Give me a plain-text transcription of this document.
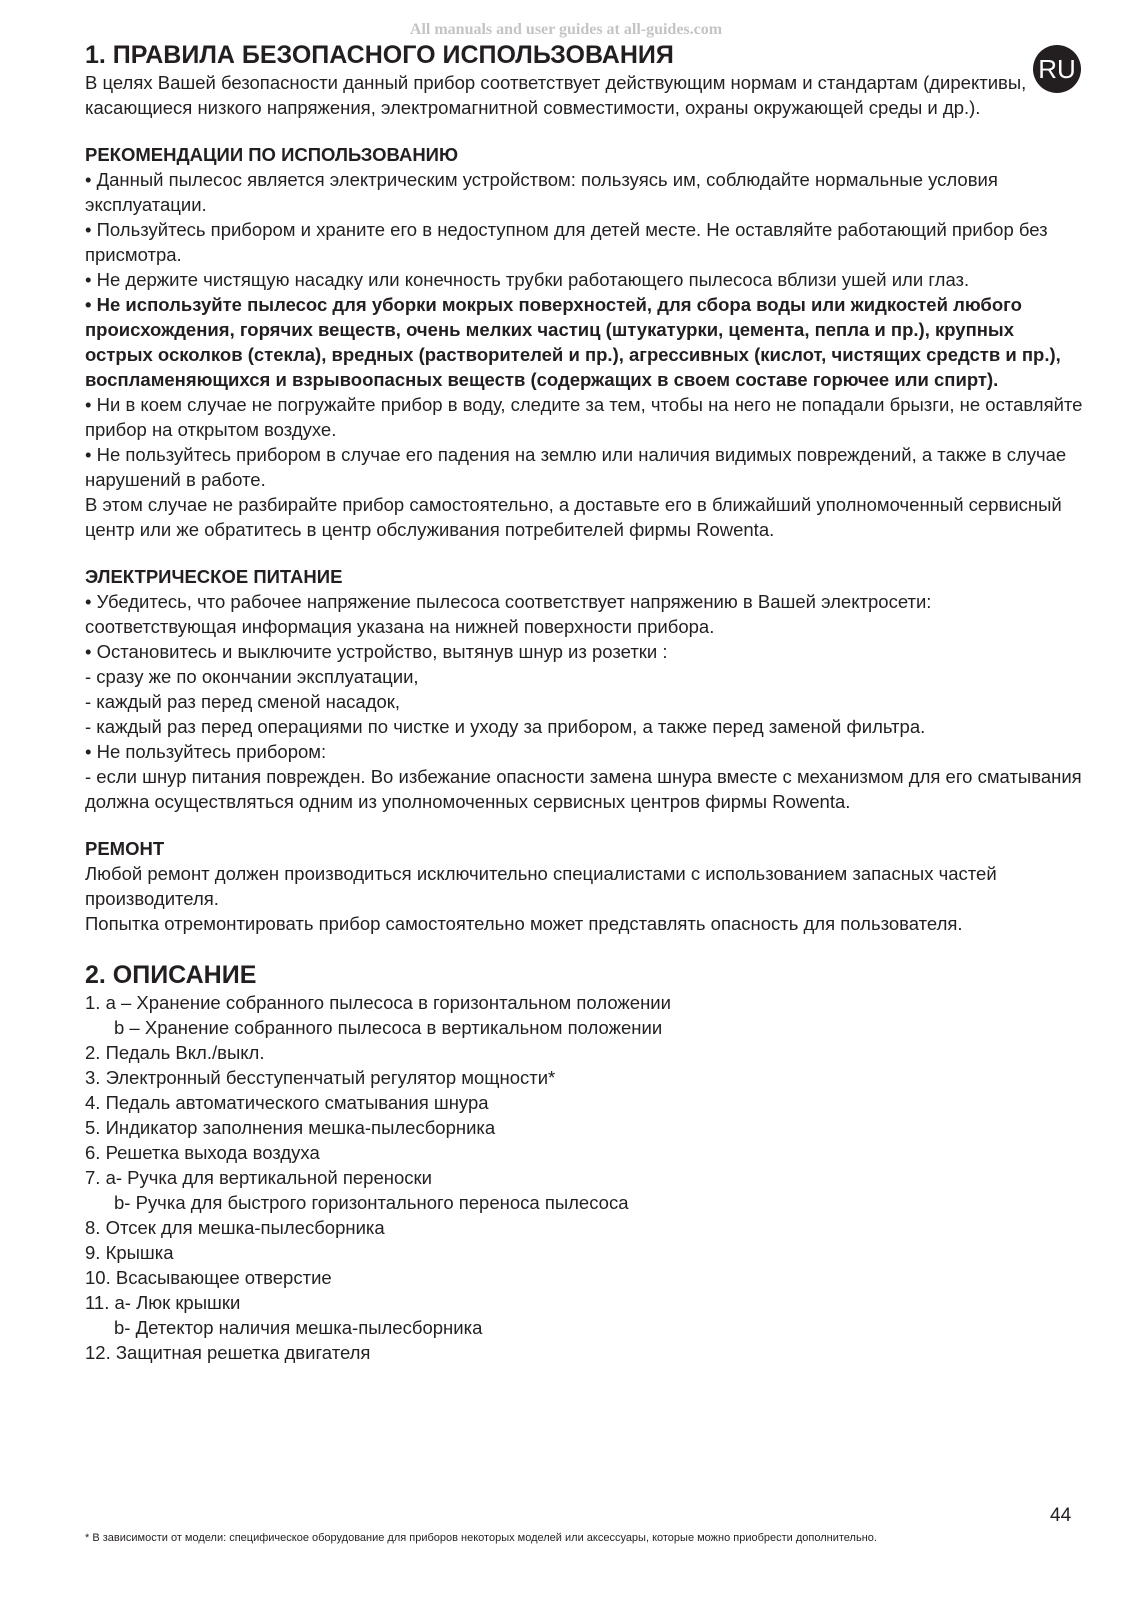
All manuals and user guides at all-guides.com
RU
1. ПРАВИЛА БЕЗОПАСНОГО ИСПОЛЬЗОВАНИЯ

В целях Вашей безопасности данный прибор соответствует действующим нормам и стандартам (директивы, касающиеся низкого напряжения, электромагнитной совместимости, охраны окружающей среды и др.).

РЕКОМЕНДАЦИИ ПО ИСПОЛЬЗОВАНИЮ

• Данный пылесос является электрическим устройством: пользуясь им, соблюдайте нормальные условия эксплуатации.

• Пользуйтесь прибором и храните его в недоступном для детей месте. Не оставляйте работающий прибор без присмотра.

• Не держите чистящую насадку или конечность трубки работающего пылесоса вблизи ушей или глаз.

• Не используйте пылесос для уборки мокрых поверхностей, для сбора воды или жидкостей любого происхождения, горячих веществ, очень мелких частиц (штукатурки, цемента, пепла и пр.), крупных острых осколков (стекла), вредных (растворителей и пр.), агрессивных (кислот, чистящих средств и пр.), воспламеняющихся и взрывоопасных веществ (содержащих в своем составе горючее или спирт).

• Ни в коем случае не погружайте прибор в воду, следите за тем, чтобы на него не попадали брызги, не оставляйте прибор на открытом воздухе.

• Не пользуйтесь прибором в случае его падения на землю или наличия видимых повреждений, а также в случае нарушений в работе.

В этом случае не разбирайте прибор самостоятельно, а доставьте его в ближайший уполномоченный сервисный центр или же обратитесь в центр обслуживания потребителей фирмы Rowenta.

ЭЛЕКТРИЧЕСКОЕ ПИТАНИЕ

• Убедитесь, что рабочее напряжение пылесоса соответствует напряжению в Вашей электросети: соответствующая информация указана на нижней поверхности прибора.

• Остановитесь и выключите устройство, вытянув шнур из розетки :

- сразу же по окончании эксплуатации,

- каждый раз перед сменой насадок,

- каждый раз перед операциями по чистке и уходу за прибором, а также перед заменой фильтра.

• Не пользуйтесь прибором:

- если шнур питания поврежден. Во избежание опасности замена шнура вместе с механизмом для его сматывания должна осуществляться одним из уполномоченных сервисных центров фирмы Rowenta.

РЕМОНТ

Любой ремонт должен производиться исключительно специалистами с использованием запасных частей производителя.

Попытка отремонтировать прибор самостоятельно может представлять опасность для пользователя.

2. ОПИСАНИЕ

1. a – Хранение собранного пылесоса в горизонтальном положении

b – Хранение собранного пылесоса в вертикальном положении

2. Педаль Вкл./выкл.

3. Электронный бесступенчатый регулятор мощности*

4. Педаль автоматического сматывания шнура

5. Индикатор заполнения мешка-пылесборника

6. Решетка выхода воздуха

7. a- Ручка для вертикальной переноски

b- Ручка для быстрого горизонтального переноса пылесоса

8. Отсек для мешка-пылесборника

9. Крышка

10. Всасывающее отверстие

11. a- Люк крышки

b- Детектор наличия мешка-пылесборника

12. Защитная решетка двигателя

44
* В зависимости от модели: специфическое оборудование для приборов некоторых моделей или аксессуары, которые можно приобрести дополнительно.
